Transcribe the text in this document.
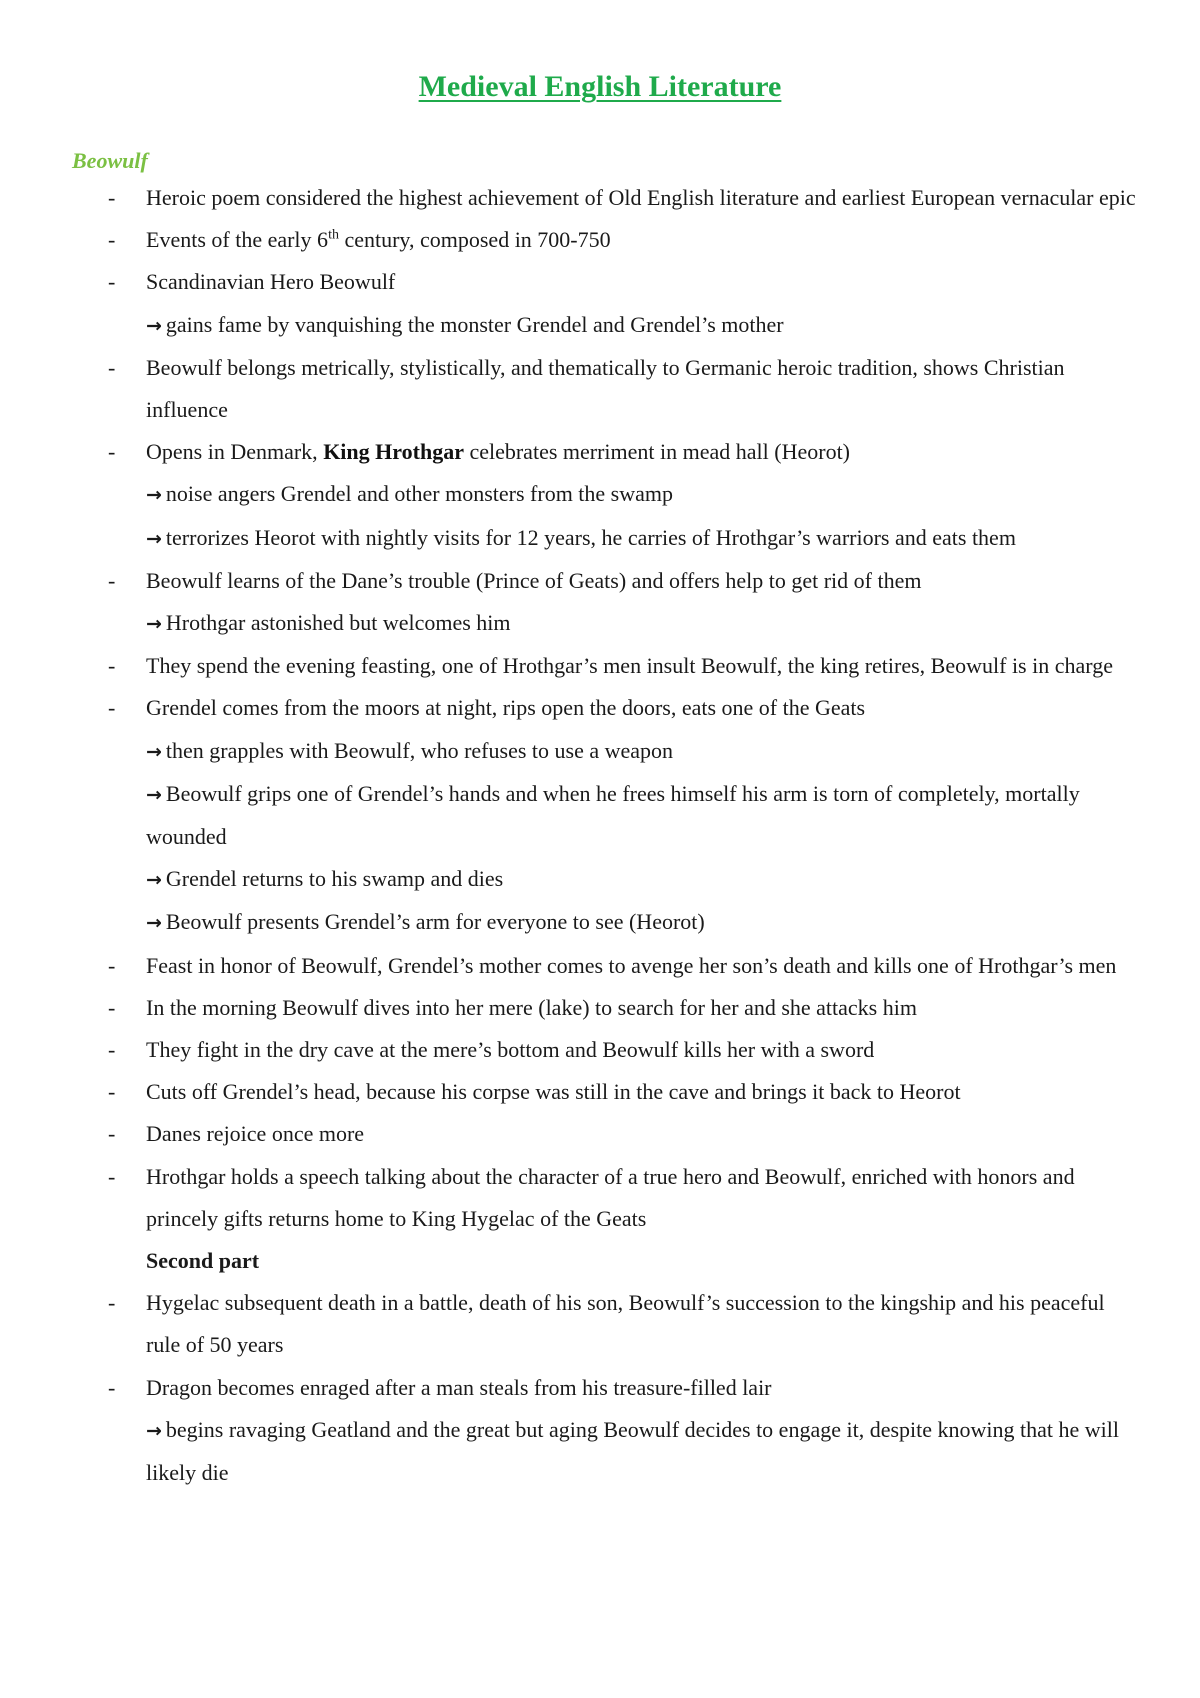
Medieval English Literature
Beowulf
-	Heroic poem considered the highest achievement of Old English literature and earliest European vernacular epic
-	Events of the early 6th century, composed in 700-750
-	Scandinavian Hero Beowulf
→ gains fame by vanquishing the monster Grendel and Grendel’s mother
-	Beowulf belongs metrically, stylistically, and thematically to Germanic heroic tradition, shows Christian influence
-	Opens in Denmark, King Hrothgar celebrates merriment in mead hall (Heorot)
→ noise angers Grendel and other monsters from the swamp
→ terrorizes Heorot with nightly visits for 12 years, he carries of Hrothgar’s warriors and eats them
-	Beowulf learns of the Dane’s trouble (Prince of Geats) and offers help to get rid of them
→ Hrothgar astonished but welcomes him
-	They spend the evening feasting, one of Hrothgar’s men insult Beowulf, the king retires, Beowulf is in charge
-	Grendel comes from the moors at night, rips open the doors, eats one of the Geats
→ then grapples with Beowulf, who refuses to use a weapon
→ Beowulf grips one of Grendel’s hands and when he frees himself his arm is torn of completely, mortally wounded
→ Grendel returns to his swamp and dies
→ Beowulf presents Grendel’s arm for everyone to see (Heorot)
-	Feast in honor of Beowulf, Grendel’s mother comes to avenge her son’s death and kills one of Hrothgar’s men
-	In the morning Beowulf dives into her mere (lake) to search for her and she attacks him
-	They fight in the dry cave at the mere’s bottom and Beowulf kills her with a sword
-	Cuts off Grendel’s head, because his corpse was still in the cave and brings it back to Heorot
-	Danes rejoice once more
-	Hrothgar holds a speech talking about the character of a true hero and Beowulf, enriched with honors and princely gifts returns home to King Hygelac of the Geats
Second part
-	Hygelac subsequent death in a battle, death of his son, Beowulf’s succession to the kingship and his peaceful rule of 50 years
-	Dragon becomes enraged after a man steals from his treasure-filled lair
→ begins ravaging Geatland and the great but aging Beowulf decides to engage it, despite knowing that he will likely die
